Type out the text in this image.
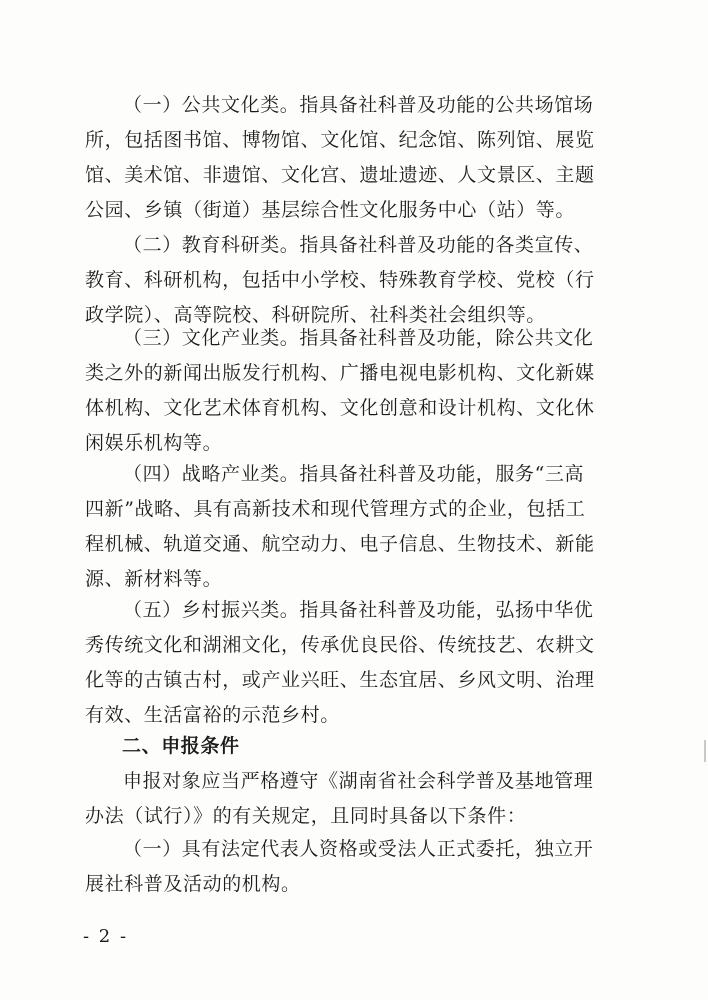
（一）公共文化类。指具备社科普及功能的公共场馆场
所，包括图书馆、博物馆、文化馆、纪念馆、陈列馆、展览
馆、美术馆、非遗馆、文化宫、遗址遗迹、人文景区、主题
公园、乡镇（街道）基层综合性文化服务中心（站）等。
（二）教育科研类。指具备社科普及功能的各类宣传、
教育、科研机构，包括中小学校、特殊教育学校、党校（行
政学院）、高等院校、科研院所、社科类社会组织等。
（三）文化产业类。指具备社科普及功能，除公共文化
类之外的新闻出版发行机构、广播电视电影机构、文化新媒
体机构、文化艺术体育机构、文化创意和设计机构、文化休
闲娱乐机构等。
（四）战略产业类。指具备社科普及功能，服务“三高
四新”战略、具有高新技术和现代管理方式的企业，包括工
程机械、轨道交通、航空动力、电子信息、生物技术、新能
源、新材料等。
（五）乡村振兴类。指具备社科普及功能，弘扬中华优
秀传统文化和湖湘文化，传承优良民俗、传统技艺、农耕文
化等的古镇古村，或产业兴旺、生态宜居、乡风文明、治理
有效、生活富裕的示范乡村。
二、申报条件
申报对象应当严格遵守《湖南省社会科学普及基地管理
办法（试行）》的有关规定，且同时具备以下条件：
（一）具有法定代表人资格或受法人正式委托，独立开
展社科普及活动的机构。
- 2 -
